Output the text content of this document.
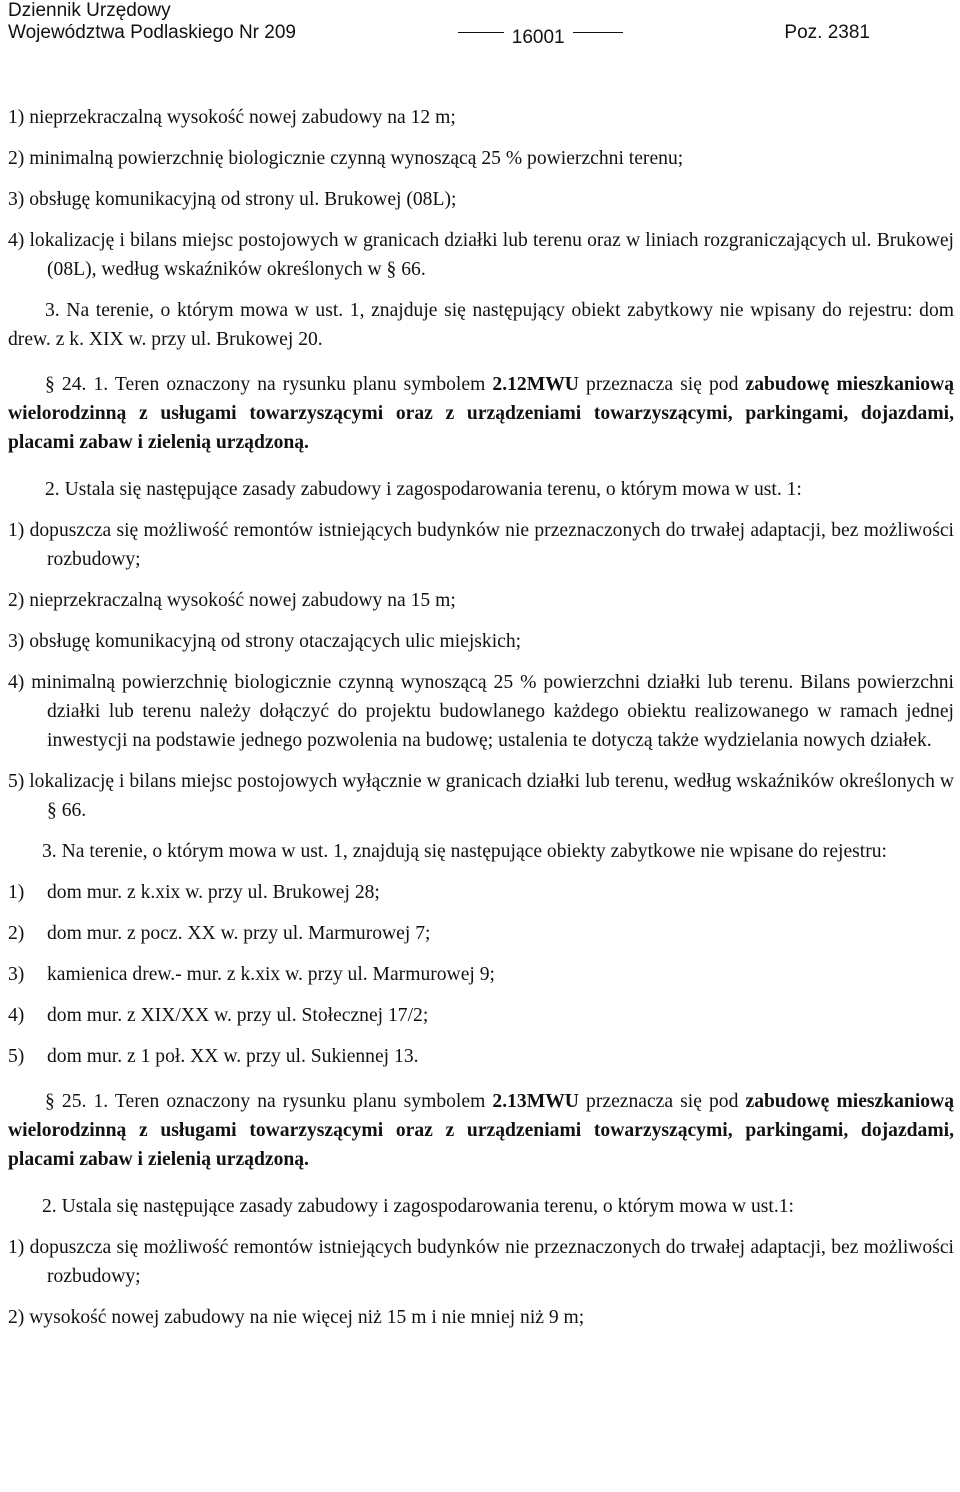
Dziennik Urzędowy
Województwa Podlaskiego Nr 209	16001	Poz. 2381
1) nieprzekraczalną wysokość nowej zabudowy na 12 m;
2) minimalną powierzchnię biologicznie czynną wynoszącą 25 % powierzchni terenu;
3) obsługę komunikacyjną od strony ul. Brukowej (08L);
4) lokalizację i bilans miejsc postojowych w granicach działki lub terenu oraz w liniach rozgraniczających ul. Brukowej (08L), według wskaźników określonych w § 66.
3. Na terenie, o którym mowa w ust. 1, znajduje się następujący obiekt zabytkowy nie wpisany do rejestru: dom drew. z k. XIX w. przy ul. Brukowej 20.
§ 24. 1. Teren oznaczony na rysunku planu symbolem 2.12MWU przeznacza się pod zabudowę mieszkaniową wielorodzinną z usługami towarzyszącymi oraz z urządzeniami towarzyszącymi, parkingami, dojazdami, placami zabaw i zielenią urządzoną.
2. Ustala się następujące zasady zabudowy i zagospodarowania terenu, o którym mowa w ust. 1:
1) dopuszcza się możliwość remontów istniejących budynków nie przeznaczonych do trwałej adaptacji, bez możliwości rozbudowy;
2) nieprzekraczalną wysokość nowej zabudowy na 15 m;
3) obsługę komunikacyjną od strony otaczających ulic miejskich;
4) minimalną powierzchnię biologicznie czynną wynoszącą 25 % powierzchni działki lub terenu. Bilans powierzchni działki lub terenu należy dołączyć do projektu budowlanego każdego obiektu realizowanego w ramach jednej inwestycji na podstawie jednego pozwolenia na budowę; ustalenia te dotyczą także wydzielania nowych działek.
5) lokalizację i bilans miejsc postojowych wyłącznie w granicach działki lub terenu, według wskaźników określonych w § 66.
3. Na terenie, o którym mowa w ust. 1, znajdują się następujące obiekty zabytkowe nie wpisane do rejestru:
1)	dom mur. z k.xix w. przy ul. Brukowej 28;
2)	dom mur. z pocz. XX w. przy ul. Marmurowej 7;
3)	kamienica drew.- mur. z k.xix w. przy ul. Marmurowej 9;
4)	dom mur. z XIX/XX w. przy ul. Stołecznej 17/2;
5)	dom mur. z 1 poł. XX w. przy ul. Sukiennej 13.
§ 25. 1. Teren oznaczony na rysunku planu symbolem 2.13MWU przeznacza się pod zabudowę mieszkaniową wielorodzinną z usługami towarzyszącymi oraz z urządzeniami towarzyszącymi, parkingami, dojazdami, placami zabaw i zielenią urządzoną.
2. Ustala się następujące zasady zabudowy i zagospodarowania terenu, o którym mowa w ust.1:
1) dopuszcza się możliwość remontów istniejących budynków nie przeznaczonych do trwałej adaptacji, bez możliwości rozbudowy;
2) wysokość nowej zabudowy na nie więcej niż 15 m i nie mniej niż 9 m;
